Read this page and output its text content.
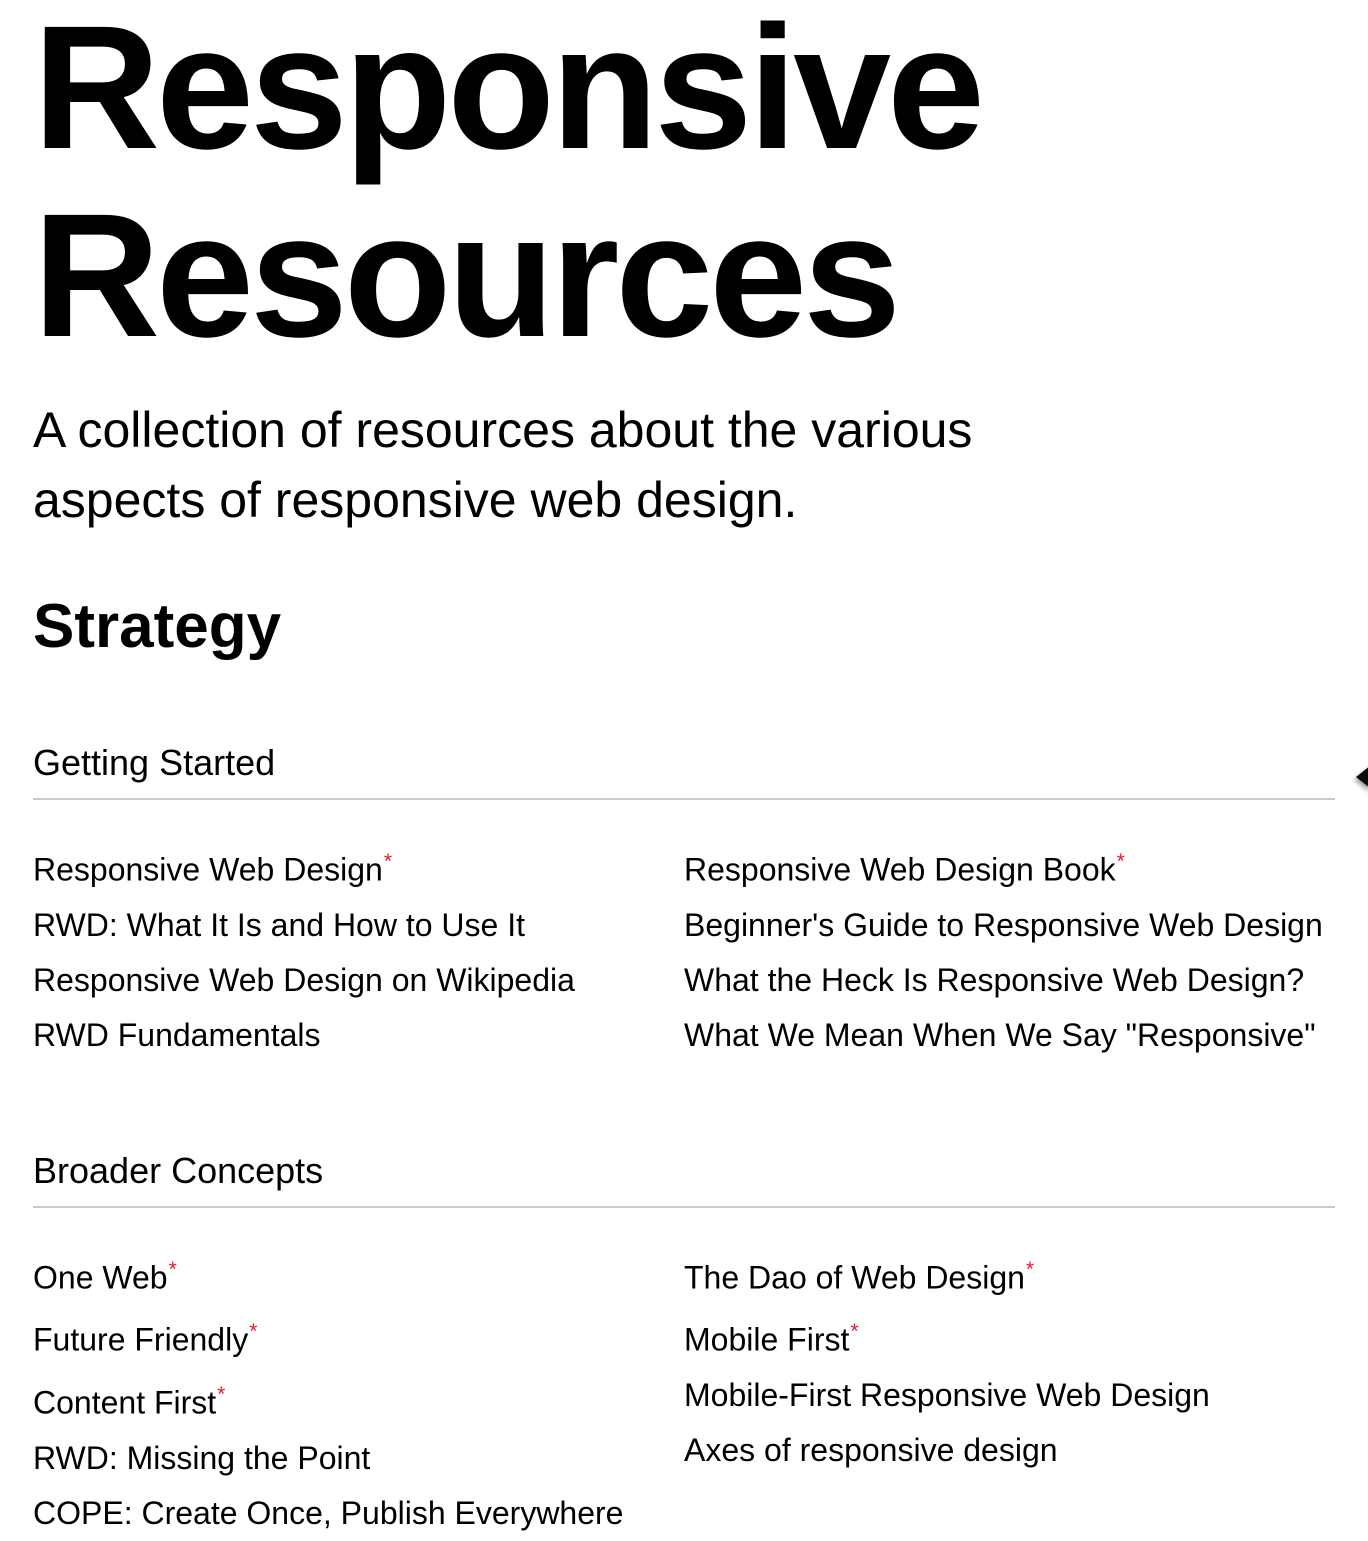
Responsive
Resources

A collection of resources about the various aspects of responsive web design.

Strategy
Getting Started
Responsive Web Design*
RWD: What It Is and How to Use It
Responsive Web Design on Wikipedia
RWD Fundamentals
Responsive Web Design Book*
Beginner's Guide to Responsive Web Design
What the Heck Is Responsive Web Design?
What We Mean When We Say "Responsive"
Broader Concepts
One Web*
Future Friendly*
Content First*
RWD: Missing the Point
COPE: Create Once, Publish Everywhere
The Dao of Web Design*
Mobile First*
Mobile-First Responsive Web Design
Axes of responsive design
